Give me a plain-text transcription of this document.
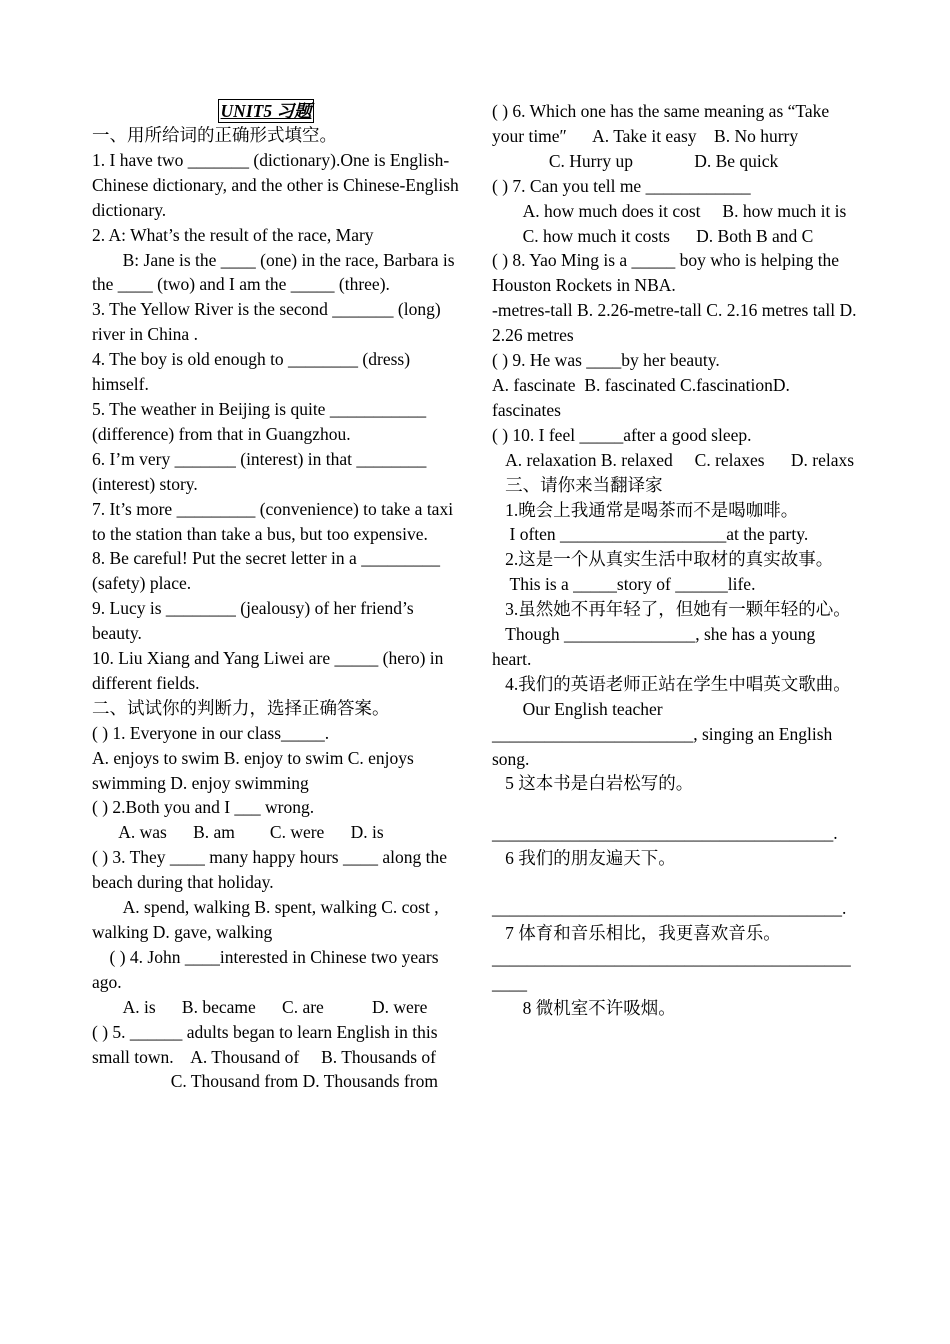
UNIT5 习题

一、用所给词的正确形式填空。

1. I have two _______ (dictionary).One is English-Chinese dictionary, and the other is Chinese-English dictionary.

2. A: What’s the result of the race, Mary

B: Jane is the ____ (one) in the race, Barbara is the ____ (two) and I am the _____ (three).

3. The Yellow River is the second _______ (long) river in China .

4. The boy is old enough to ________ (dress) himself.

5. The weather in Beijing is quite ___________ (difference) from that in Guangzhou.

6. I’m very _______ (interest) in that ________ (interest) story.

7. It’s more _________ (convenience) to take a taxi to the station than take a bus, but too expensive.

8. Be careful! Put the secret letter in a _________ (safety) place.

9. Lucy is ________ (jealousy) of her friend’s beauty.

10. Liu Xiang and Yang Liwei are _____ (hero) in different fields.

二、试试你的判断力，选择正确答案。

( ) 1. Everyone in our class_____.

A. enjoys to swim B. enjoy to swim C. enjoys swimming D. enjoy swimming

( ) 2.Both you and I ___ wrong.

A. was      B. am        C. were      D. is

( ) 3. They ____ many happy hours ____ along the beach during that holiday.

A. spend, walking B. spent, walking C. cost , walking D. gave, walking

( ) 4. John ____interested in Chinese two years ago.

A. is      B. became      C. are           D. were

( ) 5. ______ adults began to learn English in this small town.    A. Thousand of     B. Thousands of

C. Thousand from D. Thousands from

( ) 6. Which one has the same meaning as “Take your time″      A. Take it easy    B. No hurry

C. Hurry up              D. Be quick

( ) 7. Can you tell me ____________

A. how much does it cost     B. how much it is

C. how much it costs      D. Both B and C

( ) 8. Yao Ming is a _____ boy who is helping the Houston Rockets in NBA.

-metres-tall B. 2.26-metre-tall C. 2.16 metres tall D. 2.26 metres

( ) 9. He was ____by her beauty.

A. fascinate  B. fascinated C.fascinationD. fascinates

( ) 10. I feel _____after a good sleep.

A. relaxation B. relaxed     C. relaxes      D. relaxs

三、请你来当翻译家

1.晚会上我通常是喝茶而不是喝咖啡。

I often ___________________at the party.

2.这是一个从真实生活中取材的真实故事。

This is a _____story of ______life.

3.虽然她不再年轻了，但她有一颗年轻的心。

Though _______________, she has a young heart.

4.我们的英语老师正站在学生中唱英文歌曲。

Our English teacher _______________________, singing an English song.

5 这本书是白岩松写的。

_______________________________________.

6 我们的朋友遍天下。

________________________________________.

7 体育和音乐相比，我更喜欢音乐。

_____________________________________________

8 微机室不许吸烟。
